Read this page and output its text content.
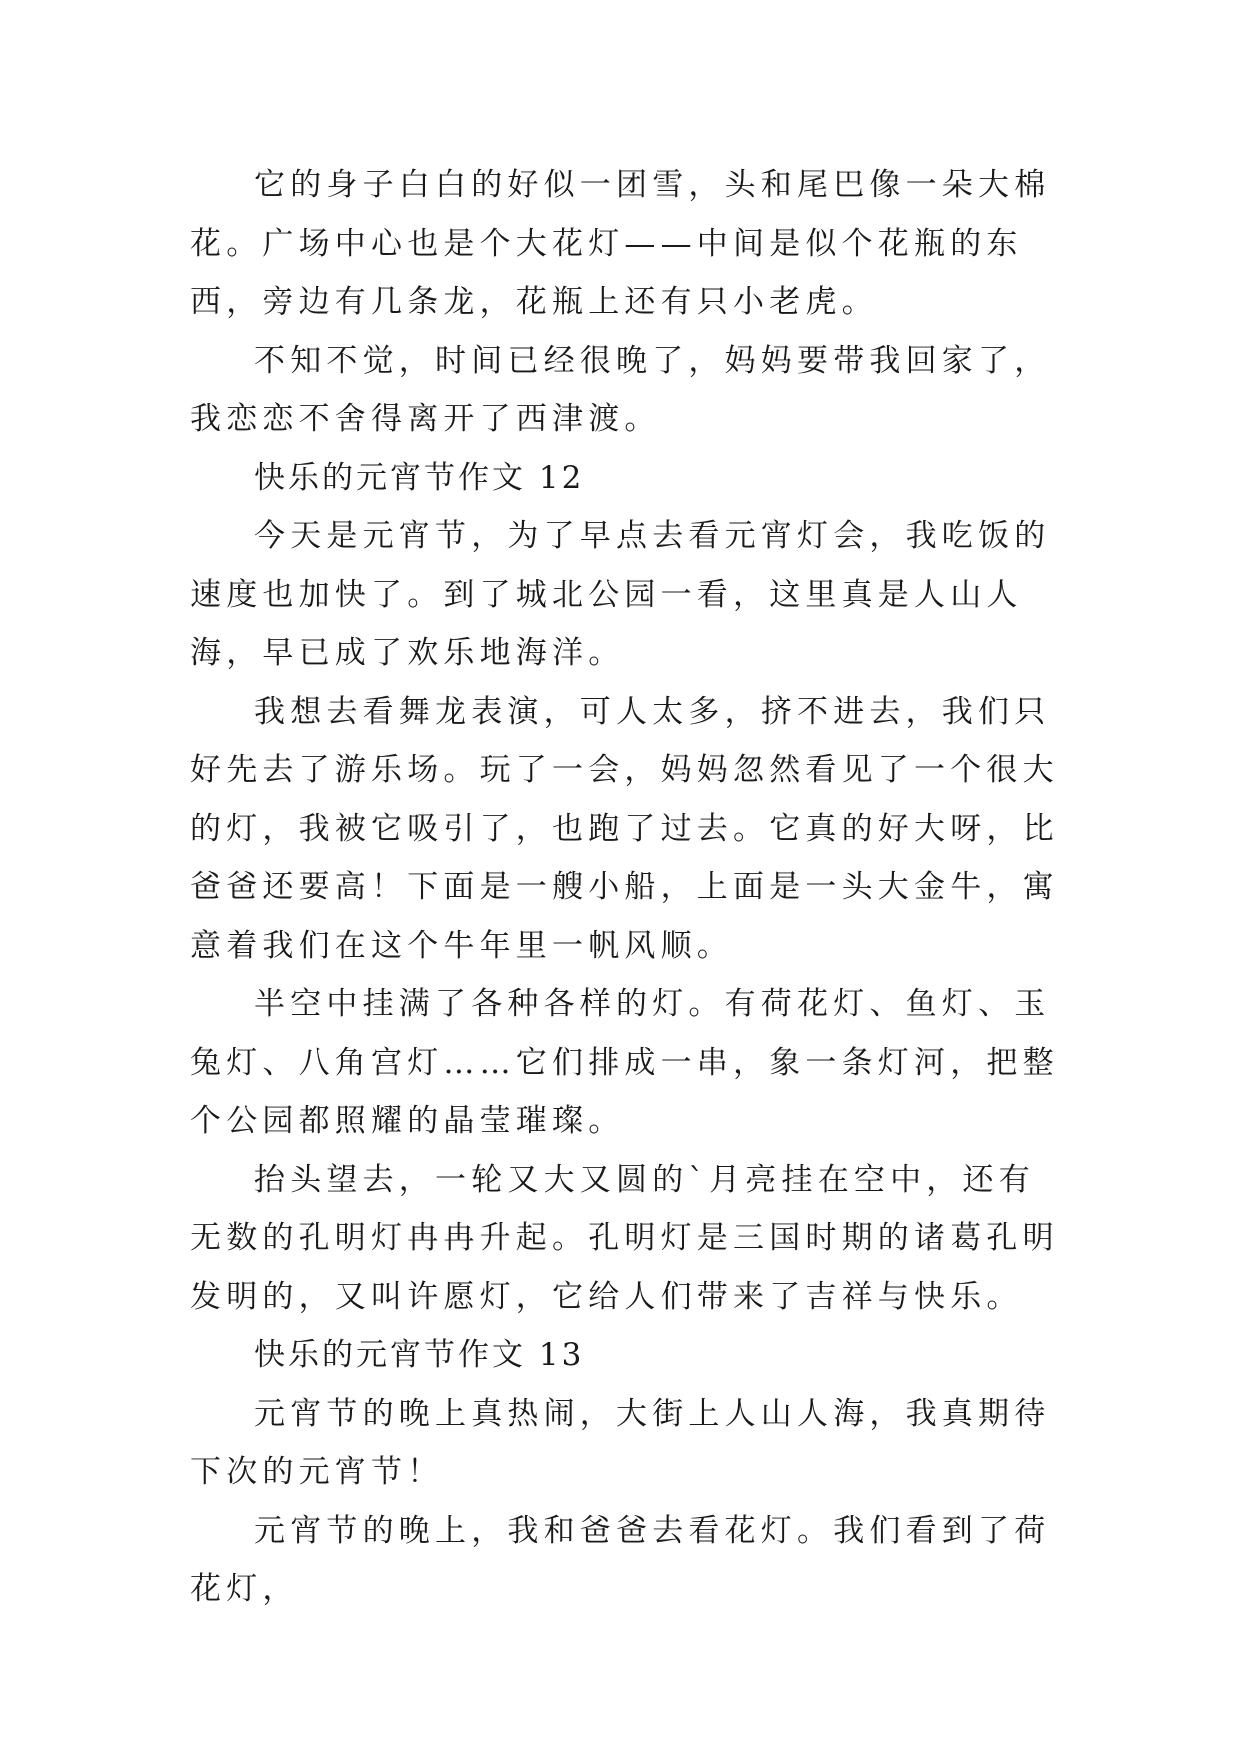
它的身子白白的好似一团雪，头和尾巴像一朵大棉花。广场中心也是个大花灯——中间是似个花瓶的东西，旁边有几条龙，花瓶上还有只小老虎。

不知不觉，时间已经很晚了，妈妈要带我回家了，我恋恋不舍得离开了西津渡。

快乐的元宵节作文 12

今天是元宵节，为了早点去看元宵灯会，我吃饭的速度也加快了。到了城北公园一看，这里真是人山人海，早已成了欢乐地海洋。

我想去看舞龙表演，可人太多，挤不进去，我们只好先去了游乐场。玩了一会，妈妈忽然看见了一个很大的灯，我被它吸引了，也跑了过去。它真的好大呀，比爸爸还要高！下面是一艘小船，上面是一头大金牛，寓意着我们在这个牛年里一帆风顺。

半空中挂满了各种各样的灯。有荷花灯、鱼灯、玉兔灯、八角宫灯……它们排成一串，象一条灯河，把整个公园都照耀的晶莹璀璨。

抬头望去，一轮又大又圆的`月亮挂在空中，还有无数的孔明灯冉冉升起。孔明灯是三国时期的诸葛孔明发明的，又叫许愿灯，它给人们带来了吉祥与快乐。

快乐的元宵节作文 13

元宵节的晚上真热闹，大街上人山人海，我真期待下次的元宵节！

元宵节的晚上，我和爸爸去看花灯。我们看到了荷花灯，
